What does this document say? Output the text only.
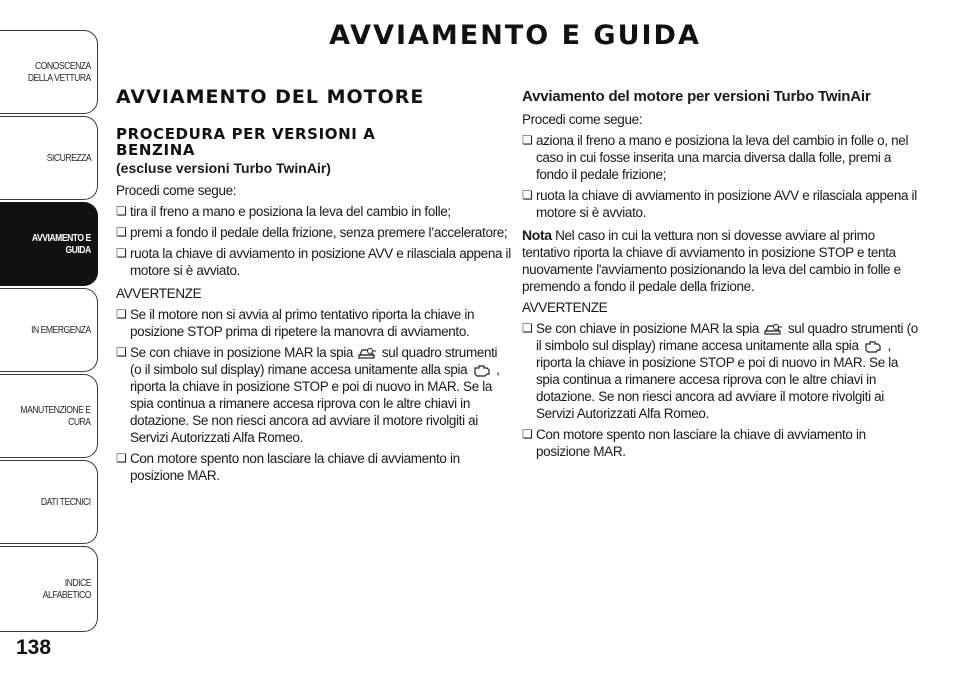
CONOSCENZA
DELLA VETTURA
SICUREZZA
AVVIAMENTO E
GUIDA
IN EMERGENZA
MANUTENZIONE E
CURA
DATI TECNICI
INDICE ALFABETICO
138
AVVIAMENTO E GUIDA
AVVIAMENTO DEL MOTORE
PROCEDURA PER VERSIONI A BENZINA
(escluse versioni Turbo TwinAir)

Procedi come segue:

❏ tira il freno a mano e posiziona la leva del cambio in folle;
❏ premi a fondo il pedale della frizione, senza premere l’acceleratore;
❏ ruota la chiave di avviamento in posizione AVV e rilasciala appena il motore si è avviato.

AVVERTENZE

❏ Se il motore non si avvia al primo tentativo riporta la chiave in posizione STOP prima di ripetere la manovra di avviamento.
❏ Se con chiave in posizione MAR la spia sul quadro strumenti (o il simbolo sul display) rimane accesa unitamente alla spia , riporta la chiave in posizione STOP e poi di nuovo in MAR. Se la spia continua a rimanere accesa riprova con le altre chiavi in dotazione. Se non riesci ancora ad avviare il motore rivolgiti ai Servizi Autorizzati Alfa Romeo.
❏ Con motore spento non lasciare la chiave di avviamento in posizione MAR.
Avviamento del motore per versioni Turbo TwinAir

Procedi come segue:

❏ aziona il freno a mano e posiziona la leva del cambio in folle o, nel caso in cui fosse inserita una marcia diversa dalla folle, premi a fondo il pedale frizione;
❏ ruota la chiave di avviamento in posizione AVV e rilasciala appena il motore si è avviato.

Nota Nel caso in cui la vettura non si dovesse avviare al primo tentativo riporta la chiave di avviamento in posizione STOP e tenta nuovamente l'avviamento posizionando la leva del cambio in folle e premendo a fondo il pedale della frizione.

AVVERTENZE

❏ Se con chiave in posizione MAR la spia sul quadro strumenti (o il simbolo sul display) rimane accesa unitamente alla spia , riporta la chiave in posizione STOP e poi di nuovo in MAR. Se la spia continua a rimanere accesa riprova con le altre chiavi in dotazione. Se non riesci ancora ad avviare il motore rivolgiti ai Servizi Autorizzati Alfa Romeo.
❏ Con motore spento non lasciare la chiave di avviamento in posizione MAR.
